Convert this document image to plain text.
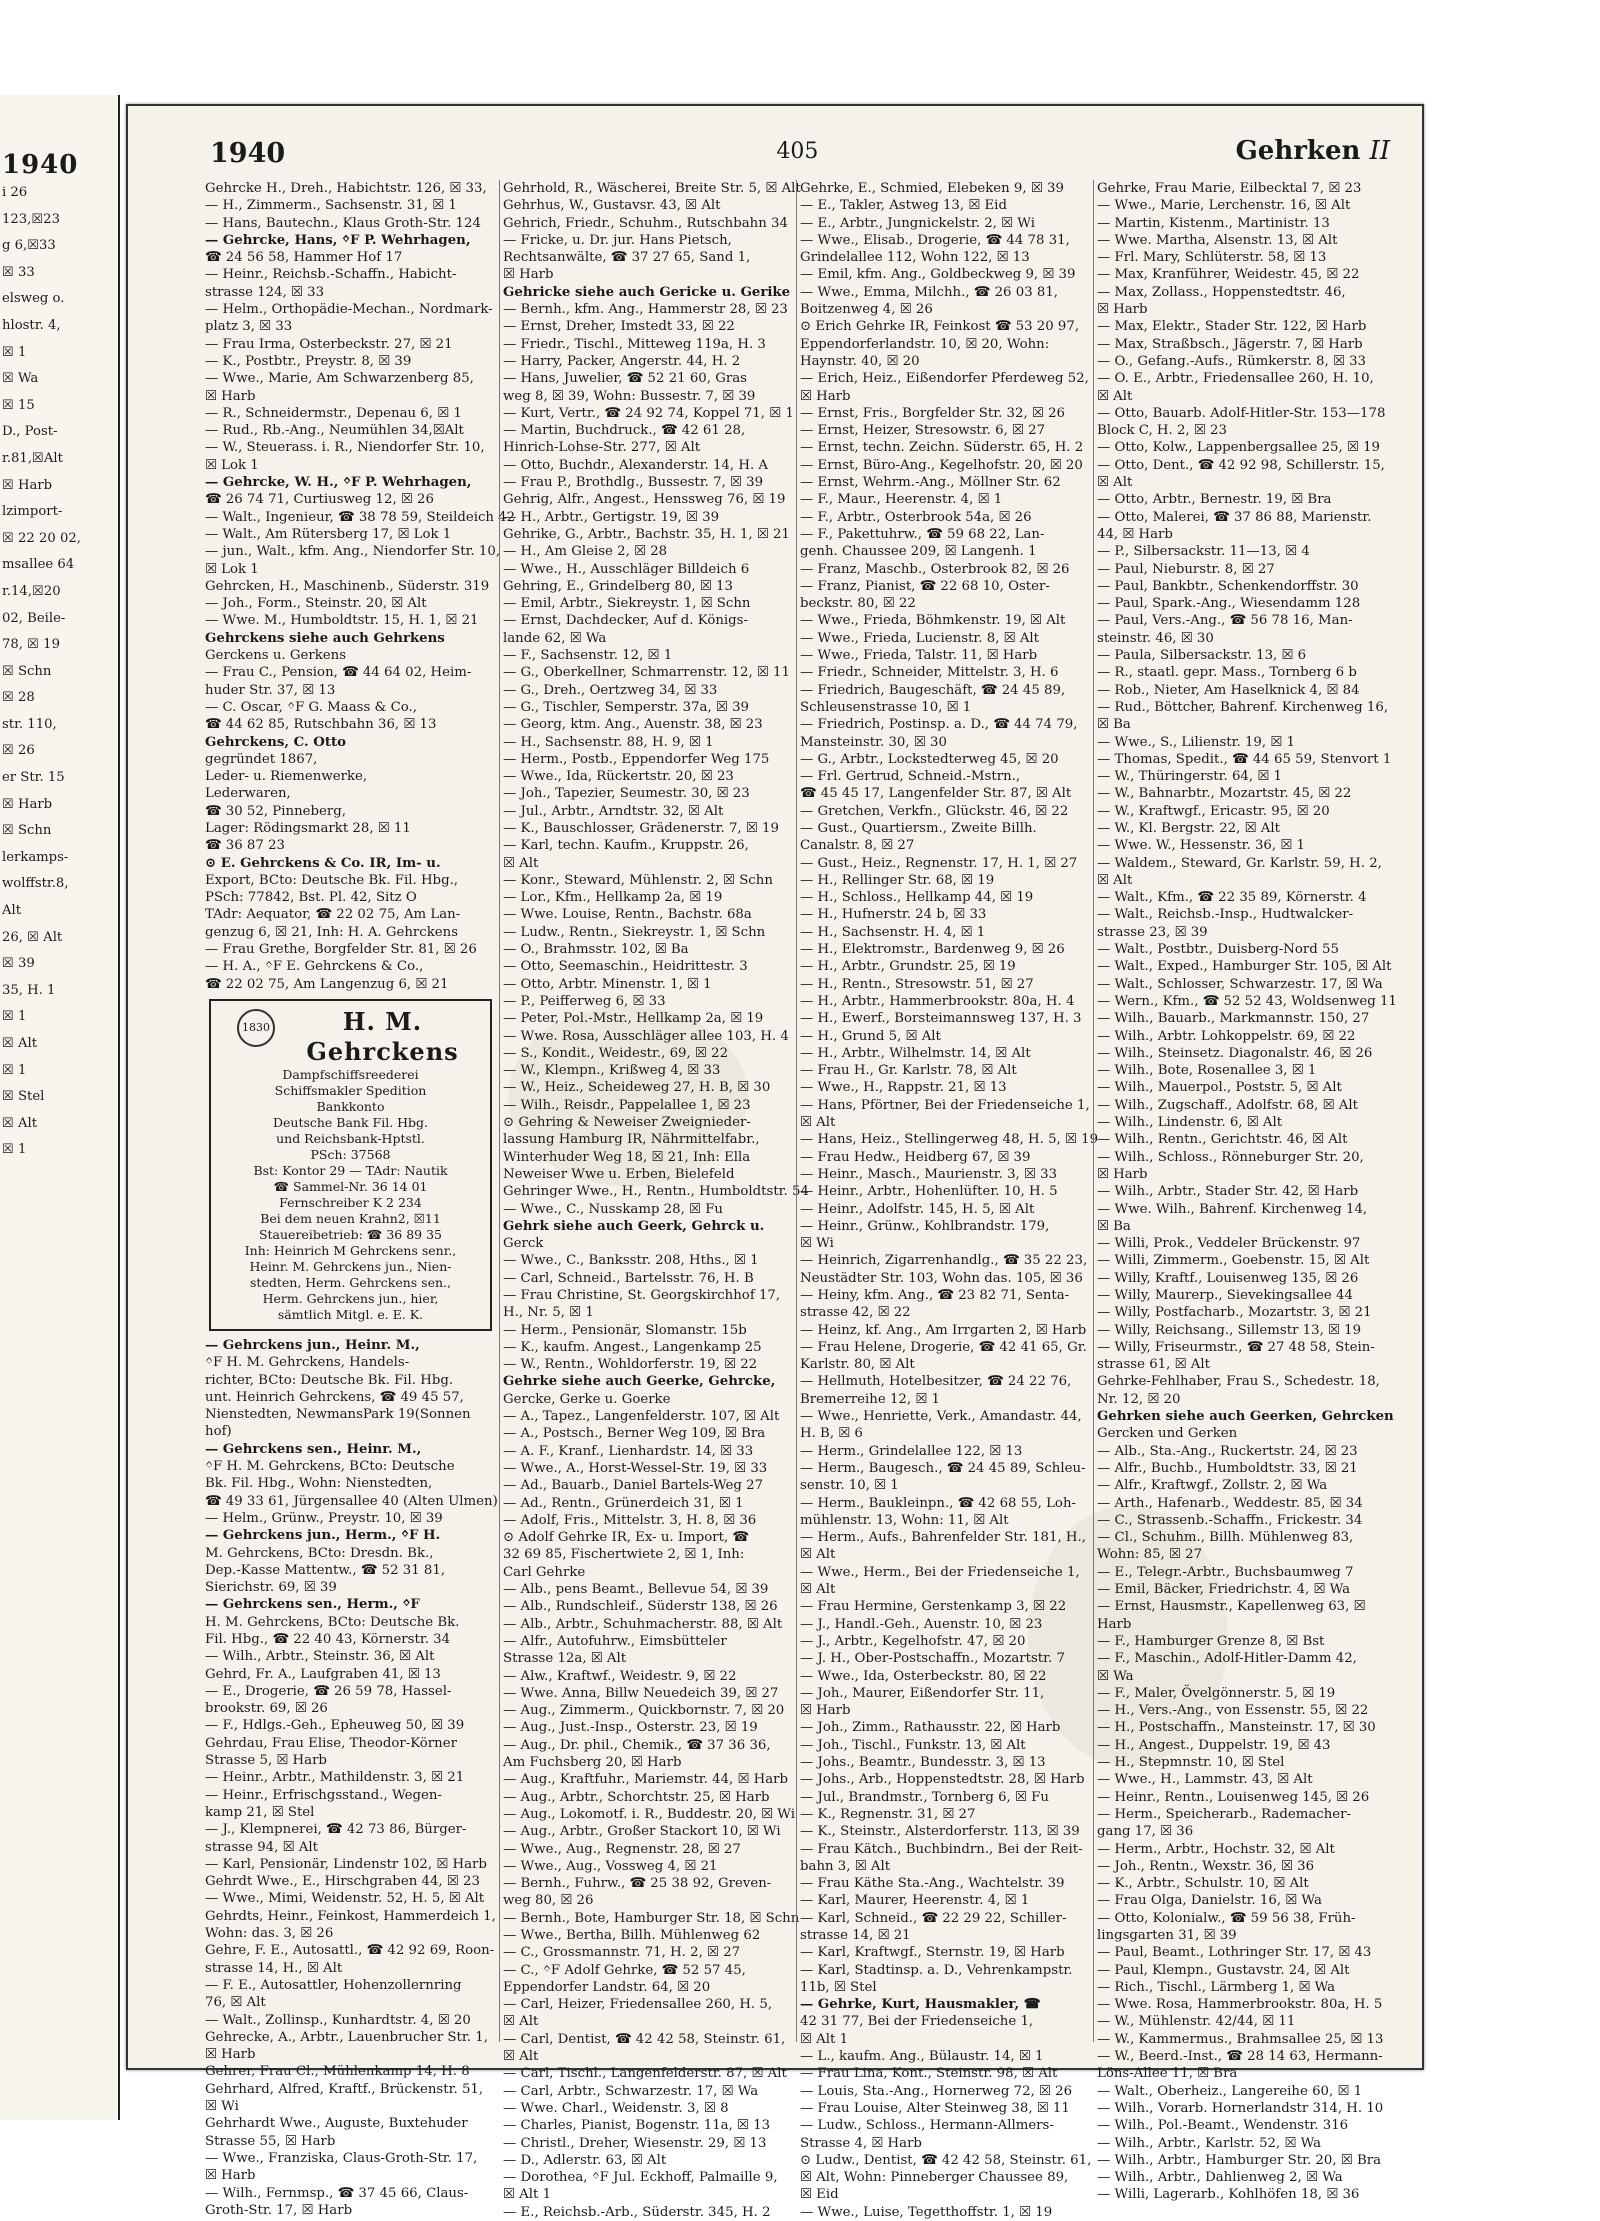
1940
i 26
123,☒23
g 6,☒33
☒ 33
elsweg o.
hlostr. 4,
☒ 1
☒ Wa
☒ 15
D., Post-
r.81,☒Alt
☒ Harb
lzimport-
☒ 22 20 02,
msallee 64
r.14,☒20
02, Beile-
78, ☒ 19
☒ Schn
☒ 28
str. 110,
☒ 26
er Str. 15
☒ Harb
☒ Schn
lerkamps-
wolffstr.8,
Alt
26, ☒ Alt
☒ 39
35, H. 1
☒ 1
☒ Alt
☒ 1
☒ Stel
☒ Alt
☒ 1
1940	405	Gehrken II
Gehrcke H., Dreh., Habichtstr. 126, ☒ 33,
— H., Zimmerm., Sachsenstr. 31, ☒ 1
— Hans, Bautechn., Klaus Groth-Str. 124
— Gehrcke, Hans, ᛜF P. Wehrhagen,
☎ 24 56 58, Hammer Hof 17
— Heinr., Reichsb.-Schaffn., Habicht-
strasse 124, ☒ 33
— Helm., Orthopädie-Mechan., Nordmark-
platz 3, ☒ 33
— Frau Irma, Osterbeckstr. 27, ☒ 21
— K., Postbtr., Preystr. 8, ☒ 39
— Wwe., Marie, Am Schwarzenberg 85,
☒ Harb
— R., Schneidermstr., Depenau 6, ☒ 1
— Rud., Rb.-Ang., Neumühlen 34,☒Alt
— W., Steuerass. i. R., Niendorfer Str. 10,
☒ Lok 1
— Gehrcke, W. H., ᛜF P. Wehrhagen,
☎ 26 74 71, Curtiusweg 12, ☒ 26
— Walt., Ingenieur, ☎ 38 78 59, Steildeich 42
— Walt., Am Rütersberg 17, ☒ Lok 1
— jun., Walt., kfm. Ang., Niendorfer Str. 10,
☒ Lok 1
Gehrcken, H., Maschinenb., Süderstr. 319
— Joh., Form., Steinstr. 20, ☒ Alt
— Wwe. M., Humboldtstr. 15, H. 1, ☒ 21
Gehrckens siehe auch Gehrkens
Gerckens u. Gerkens
— Frau C., Pension, ☎ 44 64 02, Heim-
huder Str. 37, ☒ 13
— C. Oscar, ᛜF G. Maass & Co.,
☎ 44 62 85, Rutschbahn 36, ☒ 13
Gehrckens, C. Otto
gegründet 1867,
Leder- u. Riemenwerke,
Lederwaren,
☎ 30 52, Pinneberg,
Lager: Rödingsmarkt 28, ☒ 11
☎ 36 87 23
⊙ E. Gehrckens & Co. IR, Im- u.
Export, BCto: Deutsche Bk. Fil. Hbg.,
PSch: 77842, Bst. Pl. 42, Sitz O
TAdr: Aequator, ☎ 22 02 75, Am Lan-
genzug 6, ☒ 21, Inh: H. A. Gehrckens
— Frau Grethe, Borgfelder Str. 81, ☒ 26
— H. A., ᛜF E. Gehrckens & Co.,
☎ 22 02 75, Am Langenzug 6, ☒ 21
1830	H. M. Gehrckens
Dampfschiffsreederei
Schiffsmakler Spedition
Bankkonto
Deutsche Bank Fil. Hbg.
und Reichsbank-Hptstl.
PSch: 37568
Bst: Kontor 29 — TAdr: Nautik
☎ Sammel-Nr. 36 14 01
Fernschreiber K 2 234
Bei dem neuen Krahn2, ☒11
Stauereibetrieb: ☎ 36 89 35
Inh: Heinrich M Gehrckens senr.,
Heinr. M. Gehrckens jun., Nien-
stedten, Herm. Gehrckens sen.,
Herm. Gehrckens jun., hier,
sämtlich Mitgl. e. E. K.
— Gehrckens jun., Heinr. M.,
ᛜF H. M. Gehrckens, Handels-
richter, BCto: Deutsche Bk. Fil. Hbg.
unt. Heinrich Gehrckens, ☎ 49 45 57,
Nienstedten, NewmansPark 19(Sonnen
hof)
— Gehrckens sen., Heinr. M.,
ᛜF H. M. Gehrckens, BCto: Deutsche
Bk. Fil. Hbg., Wohn: Nienstedten,
☎ 49 33 61, Jürgensallee 40 (Alten Ulmen)
— Helm., Grünw., Preystr. 10, ☒ 39
— Gehrckens jun., Herm., ᛜF H.
M. Gehrckens, BCto: Dresdn. Bk.,
Dep.-Kasse Mattentw., ☎ 52 31 81,
Sierichstr. 69, ☒ 39
— Gehrckens sen., Herm., ᛜF
H. M. Gehrckens, BCto: Deutsche Bk.
Fil. Hbg., ☎ 22 40 43, Körnerstr. 34
— Wilh., Arbtr., Steinstr. 36, ☒ Alt
Gehrd, Fr. A., Laufgraben 41, ☒ 13
— E., Drogerie, ☎ 26 59 78, Hassel-
brookstr. 69, ☒ 26
— F., Hdlgs.-Geh., Epheuweg 50, ☒ 39
Gehrdau, Frau Elise, Theodor-Körner
Strasse 5, ☒ Harb
— Heinr., Arbtr., Mathildenstr. 3, ☒ 21
— Heinr., Erfrischgsstand., Wegen-
kamp 21, ☒ Stel
— J., Klempnerei, ☎ 42 73 86, Bürger-
strasse 94, ☒ Alt
— Karl, Pensionär, Lindenstr 102, ☒ Harb
Gehrdt Wwe., E., Hirschgraben 44, ☒ 23
— Wwe., Mimi, Weidenstr. 52, H. 5, ☒ Alt
Gehrdts, Heinr., Feinkost, Hammerdeich 1,
Wohn: das. 3, ☒ 26
Gehre, F. E., Autosattl., ☎ 42 92 69, Roon-
strasse 14, H., ☒ Alt
— F. E., Autosattler, Hohenzollernring
76, ☒ Alt
— Walt., Zollinsp., Kunhardtstr. 4, ☒ 20
Gehrecke, A., Arbtr., Lauenbrucher Str. 1,
☒ Harb
Gehrer, Frau Cl., Mühlenkamp 14, H. 8
Gehrhard, Alfred, Kraftf., Brückenstr. 51,
☒ Wi
Gehrhardt Wwe., Auguste, Buxtehuder
Strasse 55, ☒ Harb
— Wwe., Franziska, Claus-Groth-Str. 17,
☒ Harb
— Wilh., Fernmsp., ☎ 37 45 66, Claus-
Groth-Str. 17, ☒ Harb
Gehrhold, R., Wäscherei, Breite Str. 5, ☒ Alt
Gehrhus, W., Gustavsr. 43, ☒ Alt
Gehrich, Friedr., Schuhm., Rutschbahn 34
— Fricke, u. Dr. jur. Hans Pietsch,
Rechtsanwälte, ☎ 37 27 65, Sand 1,
☒ Harb
Gehricke siehe auch Gericke u. Gerike
— Bernh., kfm. Ang., Hammerstr 28, ☒ 23
— Ernst, Dreher, Imstedt 33, ☒ 22
— Friedr., Tischl., Mitteweg 119a, H. 3
— Harry, Packer, Angerstr. 44, H. 2
— Hans, Juwelier, ☎ 52 21 60, Gras
weg 8, ☒ 39, Wohn: Bussestr. 7, ☒ 39
— Kurt, Vertr., ☎ 24 92 74, Koppel 71, ☒ 1
— Martin, Buchdruck., ☎ 42 61 28,
Hinrich-Lohse-Str. 277, ☒ Alt
— Otto, Buchdr., Alexanderstr. 14, H. A
— Frau P., Brothdlg., Bussestr. 7, ☒ 39
Gehrig, Alfr., Angest., Henssweg 76, ☒ 19
— H., Arbtr., Gertigstr. 19, ☒ 39
Gehrike, G., Arbtr., Bachstr. 35, H. 1, ☒ 21
— H., Am Gleise 2, ☒ 28
— Wwe., H., Ausschläger Billdeich 6
Gehring, E., Grindelberg 80, ☒ 13
— Emil, Arbtr., Siekreystr. 1, ☒ Schn
— Ernst, Dachdecker, Auf d. Königs-
lande 62, ☒ Wa
— F., Sachsenstr. 12, ☒ 1
— G., Oberkellner, Schmarrenstr. 12, ☒ 11
— G., Dreh., Oertzweg 34, ☒ 33
— G., Tischler, Semperstr. 37a, ☒ 39
— Georg, ktm. Ang., Auenstr. 38, ☒ 23
— H., Sachsenstr. 88, H. 9, ☒ 1
— Herm., Postb., Eppendorfer Weg 175
— Wwe., Ida, Rückertstr. 20, ☒ 23
— Joh., Tapezier, Seumestr. 30, ☒ 23
— Jul., Arbtr., Arndtstr. 32, ☒ Alt
— K., Bauschlosser, Grädenerstr. 7, ☒ 19
— Karl, techn. Kaufm., Kruppstr. 26,
☒ Alt
— Konr., Steward, Mühlenstr. 2, ☒ Schn
— Lor., Kfm., Hellkamp 2a, ☒ 19
— Wwe. Louise, Rentn., Bachstr. 68a
— Ludw., Rentn., Siekreystr. 1, ☒ Schn
— O., Brahmsstr. 102, ☒ Ba
— Otto, Seemaschin., Heidrittestr. 3
— Otto, Arbtr. Minenstr. 1, ☒ 1
— P., Peifferweg 6, ☒ 33
— Peter, Pol.-Mstr., Hellkamp 2a, ☒ 19
— Wwe. Rosa, Ausschläger allee 103, H. 4
— S., Kondit., Weidestr., 69, ☒ 22
— W., Klempn., Krißweg 4, ☒ 33
— W., Heiz., Scheideweg 27, H. B, ☒ 30
— Wilh., Reisdr., Pappelallee 1, ☒ 23
⊙ Gehring & Neweiser Zweignieder-
lassung Hamburg IR, Nährmittelfabr.,
Winterhuder Weg 18, ☒ 21, Inh: Ella
Neweiser Wwe u. Erben, Bielefeld
Gehringer Wwe., H., Rentn., Humboldtstr. 54
— Wwe., C., Nusskamp 28, ☒ Fu
Gehrk siehe auch Geerk, Gehrck u.
Gerck
— Wwe., C., Banksstr. 208, Hths., ☒ 1
— Carl, Schneid., Bartelsstr. 76, H. B
— Frau Christine, St. Georgskirchhof 17,
H., Nr. 5, ☒ 1
— Herm., Pensionär, Slomanstr. 15b
— K., kaufm. Angest., Langenkamp 25
— W., Rentn., Wohldorferstr. 19, ☒ 22
Gehrke siehe auch Geerke, Gehrcke,
Gercke, Gerke u. Goerke
— A., Tapez., Langenfelderstr. 107, ☒ Alt
— A., Postsch., Berner Weg 109, ☒ Bra
— A. F., Kranf., Lienhardstr. 14, ☒ 33
— Wwe., A., Horst-Wessel-Str. 19, ☒ 33
— Ad., Bauarb., Daniel Bartels-Weg 27
— Ad., Rentn., Grünerdeich 31, ☒ 1
— Adolf, Fris., Mittelstr. 3, H. 8, ☒ 36
⊙ Adolf Gehrke IR, Ex- u. Import, ☎
32 69 85, Fischertwiete 2, ☒ 1, Inh:
Carl Gehrke
— Alb., pens Beamt., Bellevue 54, ☒ 39
— Alb., Rundschleif., Süderstr 138, ☒ 26
— Alb., Arbtr., Schuhmacherstr. 88, ☒ Alt
— Alfr., Autofuhrw., Eimsbütteler
Strasse 12a, ☒ Alt
— Alw., Kraftwf., Weidestr. 9, ☒ 22
— Wwe. Anna, Billw Neuedeich 39, ☒ 27
— Aug., Zimmerm., Quickbornstr. 7, ☒ 20
— Aug., Just.-Insp., Osterstr. 23, ☒ 19
— Aug., Dr. phil., Chemik., ☎ 37 36 36,
Am Fuchsberg 20, ☒ Harb
— Aug., Kraftfuhr., Mariemstr. 44, ☒ Harb
— Aug., Arbtr., Schorchtstr. 25, ☒ Harb
— Aug., Lokomotf. i. R., Buddestr. 20, ☒ Wi
— Aug., Arbtr., Großer Stackort 10, ☒ Wi
— Wwe., Aug., Regnenstr. 28, ☒ 27
— Wwe., Aug., Vossweg 4, ☒ 21
— Bernh., Fuhrw., ☎ 25 38 92, Greven-
weg 80, ☒ 26
— Bernh., Bote, Hamburger Str. 18, ☒ Schn
— Wwe., Bertha, Billh. Mühlenweg 62
— C., Grossmannstr. 71, H. 2, ☒ 27
— C., ᛜF Adolf Gehrke, ☎ 52 57 45,
Eppendorfer Landstr. 64, ☒ 20
— Carl, Heizer, Friedensallee 260, H. 5,
☒ Alt
— Carl, Dentist, ☎ 42 42 58, Steinstr. 61,
☒ Alt
— Carl, Tischl., Langenfelderstr. 87, ☒ Alt
— Carl, Arbtr., Schwarzestr. 17, ☒ Wa
— Wwe. Charl., Weidenstr. 3, ☒ 8
— Charles, Pianist, Bogenstr. 11a, ☒ 13
— Christl., Dreher, Wiesenstr. 29, ☒ 13
— D., Adlerstr. 63, ☒ Alt
— Dorothea, ᛜF Jul. Eckhoff, Palmaille 9,
☒ Alt 1
— E., Reichsb.-Arb., Süderstr. 345, H. 2
Gehrke, E., Schmied, Elebeken 9, ☒ 39
— E., Takler, Astweg 13, ☒ Eid
— E., Arbtr., Jungnickelstr. 2, ☒ Wi
— Wwe., Elisab., Drogerie, ☎ 44 78 31,
Grindelallee 112, Wohn 122, ☒ 13
— Emil, kfm. Ang., Goldbeckweg 9, ☒ 39
— Wwe., Emma, Milchh., ☎ 26 03 81,
Boitzenweg 4, ☒ 26
⊙ Erich Gehrke IR, Feinkost ☎ 53 20 97,
Eppendorferlandstr. 10, ☒ 20, Wohn:
Haynstr. 40, ☒ 20
— Erich, Heiz., Eißendorfer Pferdeweg 52,
☒ Harb
— Ernst, Fris., Borgfelder Str. 32, ☒ 26
— Ernst, Heizer, Stresowstr. 6, ☒ 27
— Ernst, techn. Zeichn. Süderstr. 65, H. 2
— Ernst, Büro-Ang., Kegelhofstr. 20, ☒ 20
— Ernst, Wehrm.-Ang., Möllner Str. 62
— F., Maur., Heerenstr. 4, ☒ 1
— F., Arbtr., Osterbrook 54a, ☒ 26
— F., Pakettuhrw., ☎ 59 68 22, Lan-
genh. Chaussee 209, ☒ Langenh. 1
— Franz, Maschb., Osterbrook 82, ☒ 26
— Franz, Pianist, ☎ 22 68 10, Oster-
beckstr. 80, ☒ 22
— Wwe., Frieda, Böhmkenstr. 19, ☒ Alt
— Wwe., Frieda, Lucienstr. 8, ☒ Alt
— Wwe., Frieda, Talstr. 11, ☒ Harb
— Friedr., Schneider, Mittelstr. 3, H. 6
— Friedrich, Baugeschäft, ☎ 24 45 89,
Schleusenstrasse 10, ☒ 1
— Friedrich, Postinsp. a. D., ☎ 44 74 79,
Mansteinstr. 30, ☒ 30
— G., Arbtr., Lockstedterweg 45, ☒ 20
— Frl. Gertrud, Schneid.-Mstrn.,
☎ 45 45 17, Langenfelder Str. 87, ☒ Alt
— Gretchen, Verkfn., Glückstr. 46, ☒ 22
— Gust., Quartiersm., Zweite Billh.
Canalstr. 8, ☒ 27
— Gust., Heiz., Regnenstr. 17, H. 1, ☒ 27
— H., Rellinger Str. 68, ☒ 19
— H., Schloss., Hellkamp 44, ☒ 19
— H., Hufnerstr. 24 b, ☒ 33
— H., Sachsenstr. H. 4, ☒ 1
— H., Elektromstr., Bardenweg 9, ☒ 26
— H., Arbtr., Grundstr. 25, ☒ 19
— H., Rentn., Stresowstr. 51, ☒ 27
— H., Arbtr., Hammerbrookstr. 80a, H. 4
— H., Ewerf., Borsteimannsweg 137, H. 3
— H., Grund 5, ☒ Alt
— H., Arbtr., Wilhelmstr. 14, ☒ Alt
— Frau H., Gr. Karlstr. 78, ☒ Alt
— Wwe., H., Rappstr. 21, ☒ 13
— Hans, Pförtner, Bei der Friedenseiche 1,
☒ Alt
— Hans, Heiz., Stellingerweg 48, H. 5, ☒ 19
— Frau Hedw., Heidberg 67, ☒ 39
— Heinr., Masch., Maurienstr. 3, ☒ 33
— Heinr., Arbtr., Hohenlüfter. 10, H. 5
— Heinr., Adolfstr. 145, H. 5, ☒ Alt
— Heinr., Grünw., Kohlbrandstr. 179,
☒ Wi
— Heinrich, Zigarrenhandlg., ☎ 35 22 23,
Neustädter Str. 103, Wohn das. 105, ☒ 36
— Heiny, kfm. Ang., ☎ 23 82 71, Senta-
strasse 42, ☒ 22
— Heinz, kf. Ang., Am Irrgarten 2, ☒ Harb
— Frau Helene, Drogerie, ☎ 42 41 65, Gr.
Karlstr. 80, ☒ Alt
— Hellmuth, Hotelbesitzer, ☎ 24 22 76,
Bremerreihe 12, ☒ 1
— Wwe., Henriette, Verk., Amandastr. 44,
H. B, ☒ 6
— Herm., Grindelallee 122, ☒ 13
— Herm., Baugesch., ☎ 24 45 89, Schleu-
senstr. 10, ☒ 1
— Herm., Baukleinpn., ☎ 42 68 55, Loh-
mühlenstr. 13, Wohn: 11, ☒ Alt
— Herm., Aufs., Bahrenfelder Str. 181, H.,
☒ Alt
— Wwe., Herm., Bei der Friedenseiche 1,
☒ Alt
— Frau Hermine, Gerstenkamp 3, ☒ 22
— J., Handl.-Geh., Auenstr. 10, ☒ 23
— J., Arbtr., Kegelhofstr. 47, ☒ 20
— J. H., Ober-Postschaffn., Mozartstr. 7
— Wwe., Ida, Osterbeckstr. 80, ☒ 22
— Joh., Maurer, Eißendorfer Str. 11,
☒ Harb
— Joh., Zimm., Rathausstr. 22, ☒ Harb
— Joh., Tischl., Funkstr. 13, ☒ Alt
— Johs., Beamtr., Bundesstr. 3, ☒ 13
— Johs., Arb., Hoppenstedtstr. 28, ☒ Harb
— Jul., Brandmstr., Tornberg 6, ☒ Fu
— K., Regnenstr. 31, ☒ 27
— K., Steinstr., Alsterdorferstr. 113, ☒ 39
— Frau Kätch., Buchbindrn., Bei der Reit-
bahn 3, ☒ Alt
— Frau Käthe Sta.-Ang., Wachtelstr. 39
— Karl, Maurer, Heerenstr. 4, ☒ 1
— Karl, Schneid., ☎ 22 29 22, Schiller-
strasse 14, ☒ 21
— Karl, Kraftwgf., Sternstr. 19, ☒ Harb
— Karl, Stadtinsp. a. D., Vehrenkampstr.
11b, ☒ Stel
— Gehrke, Kurt, Hausmakler, ☎
42 31 77, Bei der Friedenseiche 1,
☒ Alt 1
— L., kaufm. Ang., Bülaustr. 14, ☒ 1
— Frau Lina, Kont., Steinstr. 98, ☒ Alt
— Louis, Sta.-Ang., Hornerweg 72, ☒ 26
— Frau Louise, Alter Steinweg 38, ☒ 11
— Ludw., Schloss., Hermann-Allmers-
Strasse 4, ☒ Harb
⊙ Ludw., Dentist, ☎ 42 42 58, Steinstr. 61,
☒ Alt, Wohn: Pinneberger Chaussee 89,
☒ Eid
— Wwe., Luise, Tegetthoffstr. 1, ☒ 19
Gehrke, Frau Marie, Eilbecktal 7, ☒ 23
— Wwe., Marie, Lerchenstr. 16, ☒ Alt
— Martin, Kistenm., Martinistr. 13
— Wwe. Martha, Alsenstr. 13, ☒ Alt
— Frl. Mary, Schlüterstr. 58, ☒ 13
— Max, Kranführer, Weidestr. 45, ☒ 22
— Max, Zollass., Hoppenstedtstr. 46,
☒ Harb
— Max, Elektr., Stader Str. 122, ☒ Harb
— Max, Straßbsch., Jägerstr. 7, ☒ Harb
— O., Gefang.-Aufs., Rümkerstr. 8, ☒ 33
— O. E., Arbtr., Friedensallee 260, H. 10,
☒ Alt
— Otto, Bauarb. Adolf-Hitler-Str. 153—178
Block C, H. 2, ☒ 23
— Otto, Kolw., Lappenbergsallee 25, ☒ 19
— Otto, Dent., ☎ 42 92 98, Schillerstr. 15,
☒ Alt
— Otto, Arbtr., Bernestr. 19, ☒ Bra
— Otto, Malerei, ☎ 37 86 88, Marienstr.
44, ☒ Harb
— P., Silbersackstr. 11—13, ☒ 4
— Paul, Nieburstr. 8, ☒ 27
— Paul, Bankbtr., Schenkendorffstr. 30
— Paul, Spark.-Ang., Wiesendamm 128
— Paul, Vers.-Ang., ☎ 56 78 16, Man-
steinstr. 46, ☒ 30
— Paula, Silbersackstr. 13, ☒ 6
— R., staatl. gepr. Mass., Tornberg 6 b
— Rob., Nieter, Am Haselknick 4, ☒ 84
— Rud., Böttcher, Bahrenf. Kirchenweg 16,
☒ Ba
— Wwe., S., Lilienstr. 19, ☒ 1
— Thomas, Spedit., ☎ 44 65 59, Stenvort 1
— W., Thüringerstr. 64, ☒ 1
— W., Bahnarbtr., Mozartstr. 45, ☒ 22
— W., Kraftwgf., Ericastr. 95, ☒ 20
— W., Kl. Bergstr. 22, ☒ Alt
— Wwe. W., Hessenstr. 36, ☒ 1
— Waldem., Steward, Gr. Karlstr. 59, H. 2,
☒ Alt
— Walt., Kfm., ☎ 22 35 89, Körnerstr. 4
— Walt., Reichsb.-Insp., Hudtwalcker-
strasse 23, ☒ 39
— Walt., Postbtr., Duisberg-Nord 55
— Walt., Exped., Hamburger Str. 105, ☒ Alt
— Walt., Schlosser, Schwarzestr. 17, ☒ Wa
— Wern., Kfm., ☎ 52 52 43, Woldsenweg 11
— Wilh., Bauarb., Markmannstr. 150, 27
— Wilh., Arbtr. Lohkoppelstr. 69, ☒ 22
— Wilh., Steinsetz. Diagonalstr. 46, ☒ 26
— Wilh., Bote, Rosenallee 3, ☒ 1
— Wilh., Mauerpol., Poststr. 5, ☒ Alt
— Wilh., Zugschaff., Adolfstr. 68, ☒ Alt
— Wilh., Lindenstr. 6, ☒ Alt
— Wilh., Rentn., Gerichtstr. 46, ☒ Alt
— Wilh., Schloss., Rönneburger Str. 20,
☒ Harb
— Wilh., Arbtr., Stader Str. 42, ☒ Harb
— Wwe. Wilh., Bahrenf. Kirchenweg 14,
☒ Ba
— Willi, Prok., Veddeler Brückenstr. 97
— Willi, Zimmerm., Goebenstr. 15, ☒ Alt
— Willy, Kraftf., Louisenweg 135, ☒ 26
— Willy, Maurerp., Sievekingsallee 44
— Willy, Postfacharb., Mozartstr. 3, ☒ 21
— Willy, Reichsang., Sillemstr 13, ☒ 19
— Willy, Friseurmstr., ☎ 27 48 58, Stein-
strasse 61, ☒ Alt
Gehrke-Fehlhaber, Frau S., Schedestr. 18,
Nr. 12, ☒ 20
Gehrken siehe auch Geerken, Gehrcken
Gercken und Gerken
— Alb., Sta.-Ang., Ruckertstr. 24, ☒ 23
— Alfr., Buchb., Humboldtstr. 33, ☒ 21
— Alfr., Kraftwgf., Zollstr. 2, ☒ Wa
— Arth., Hafenarb., Weddestr. 85, ☒ 34
— C., Strassenb.-Schaffn., Frickestr. 34
— Cl., Schuhm., Billh. Mühlenweg 83,
Wohn: 85, ☒ 27
— E., Telegr.-Arbtr., Buchsbaumweg 7
— Emil, Bäcker, Friedrichstr. 4, ☒ Wa
— Ernst, Hausmstr., Kapellenweg 63, ☒
Harb
— F., Hamburger Grenze 8, ☒ Bst
— F., Maschin., Adolf-Hitler-Damm 42,
☒ Wa
— F., Maler, Övelgönnerstr. 5, ☒ 19
— H., Vers.-Ang., von Essenstr. 55, ☒ 22
— H., Postschaffn., Mansteinstr. 17, ☒ 30
— H., Angest., Duppelstr. 19, ☒ 43
— H., Stepmnstr. 10, ☒ Stel
— Wwe., H., Lammstr. 43, ☒ Alt
— Heinr., Rentn., Louisenweg 145, ☒ 26
— Herm., Speicherarb., Rademacher-
gang 17, ☒ 36
— Herm., Arbtr., Hochstr. 32, ☒ Alt
— Joh., Rentn., Wexstr. 36, ☒ 36
— K., Arbtr., Schulstr. 10, ☒ Alt
— Frau Olga, Danielstr. 16, ☒ Wa
— Otto, Kolonialw., ☎ 59 56 38, Früh-
lingsgarten 31, ☒ 39
— Paul, Beamt., Lothringer Str. 17, ☒ 43
— Paul, Klempn., Gustavstr. 24, ☒ Alt
— Rich., Tischl., Lärmberg 1, ☒ Wa
— Wwe. Rosa, Hammerbrookstr. 80a, H. 5
— W., Mühlenstr. 42/44, ☒ 11
— W., Kammermus., Brahmsallee 25, ☒ 13
— W., Beerd.-Inst., ☎ 28 14 63, Hermann-
Löns-Allee 11, ☒ Bra
— Walt., Oberheiz., Langereihe 60, ☒ 1
— Wilh., Vorarb. Hornerlandstr 314, H. 10
— Wilh., Pol.-Beamt., Wendenstr. 316
— Wilh., Arbtr., Karlstr. 52, ☒ Wa
— Wilh., Arbtr., Hamburger Str. 20, ☒ Bra
— Wilh., Arbtr., Dahlienweg 2, ☒ Wa
— Willi, Lagerarb., Kohlhöfen 18, ☒ 36
